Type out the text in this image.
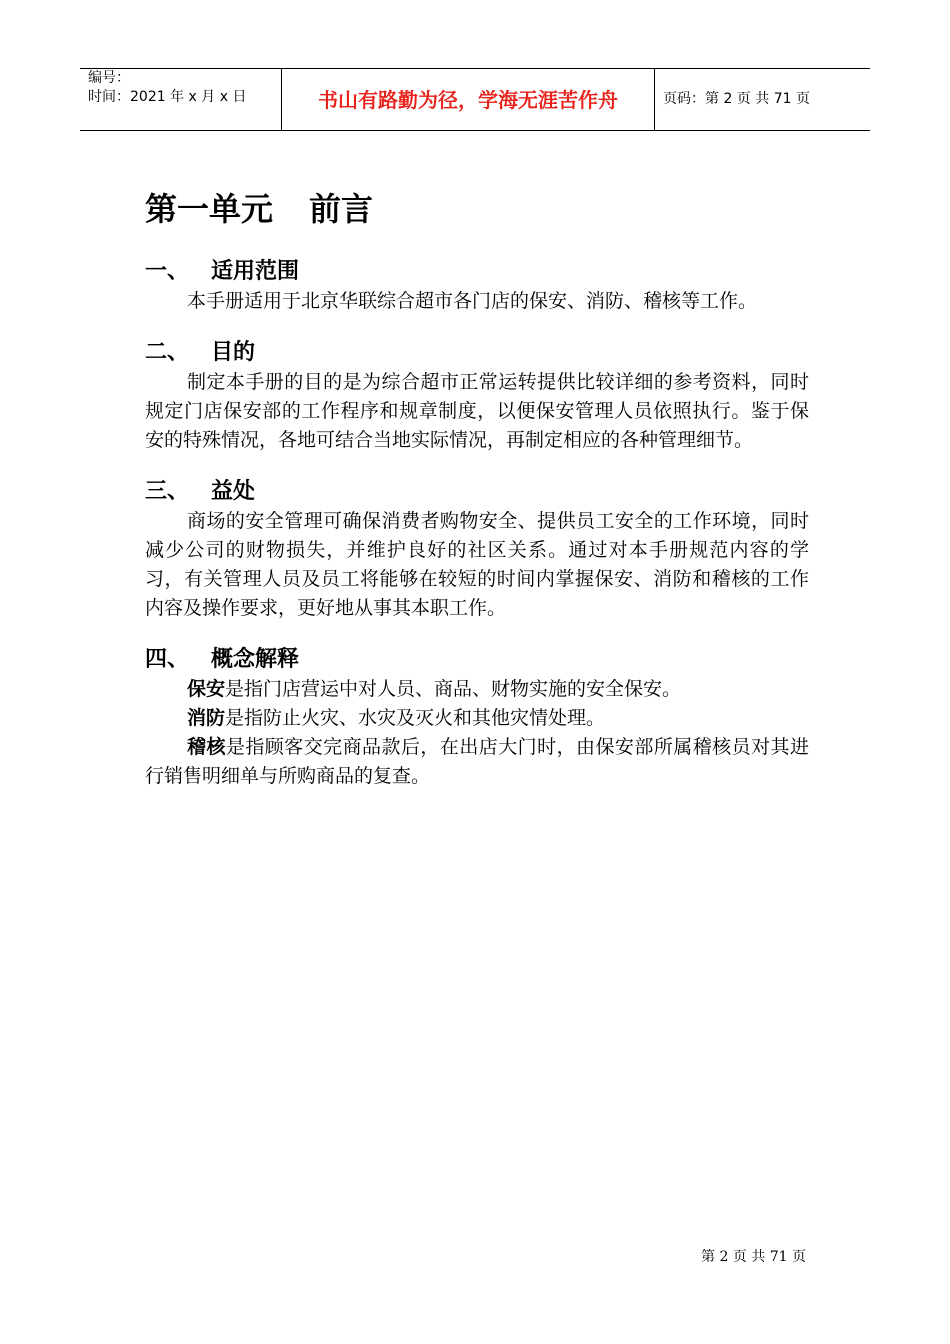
编号：
时间：2021 年 x 月 x 日	书山有路勤为径，学海无涯苦作舟	页码：第 2 页 共 71 页
第一单元 前言
一、 适用范围

本手册适用于北京华联综合超市各门店的保安、消防、稽核等工作。

二、 目的

制定本手册的目的是为综合超市正常运转提供比较详细的参考资料，同时规定门店保安部的工作程序和规章制度，以便保安管理人员依照执行。鉴于保安的特殊情况，各地可结合当地实际情况，再制定相应的各种管理细节。

三、 益处

商场的安全管理可确保消费者购物安全、提供员工安全的工作环境，同时减少公司的财物损失，并维护良好的社区关系。通过对本手册规范内容的学习，有关管理人员及员工将能够在较短的时间内掌握保安、消防和稽核的工作内容及操作要求，更好地从事其本职工作。

四、 概念解释

保安是指门店营运中对人员、商品、财物实施的安全保安。

消防是指防止火灾、水灾及灭火和其他灾情处理。

稽核是指顾客交完商品款后，在出店大门时，由保安部所属稽核员对其进行销售明细单与所购商品的复查。

第 2 页 共 71 页
